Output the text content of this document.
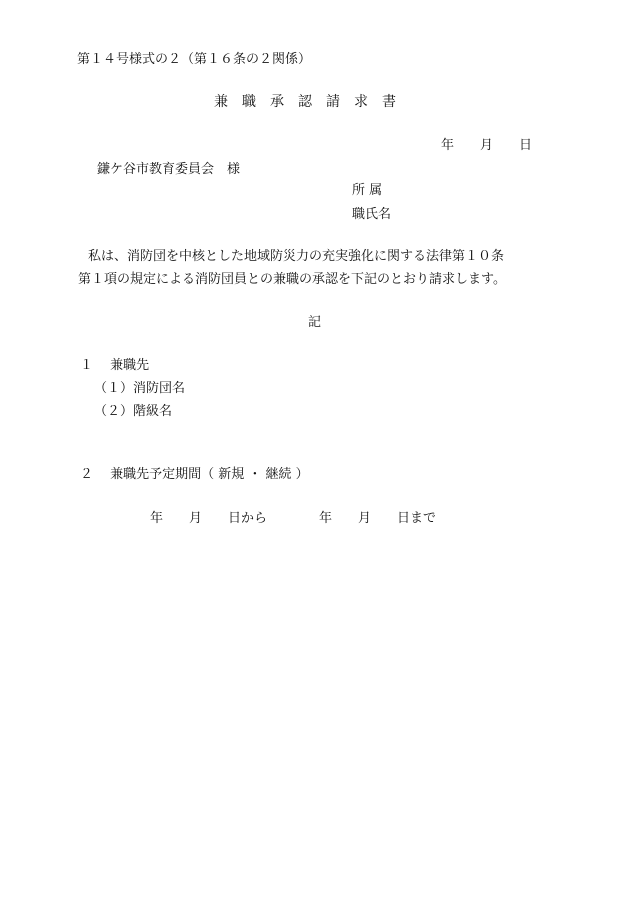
第１４号様式の２（第１６条の２関係）
兼　職　承　認　請　求　書
年　　月　　日
鎌ケ谷市教育委員会　様
所 属
職氏名
私は、消防団を中核とした地域防災力の充実強化に関する法律第１０条
第１項の規定による消防団員との兼職の承認を下記のとおり請求します。
記
１　 兼職先
（１）消防団名
（２）階級名
２　 兼職先予定期間（ 新規 ・ 継続 ）
年　　月　　日から　　　　年　　月　　日まで
